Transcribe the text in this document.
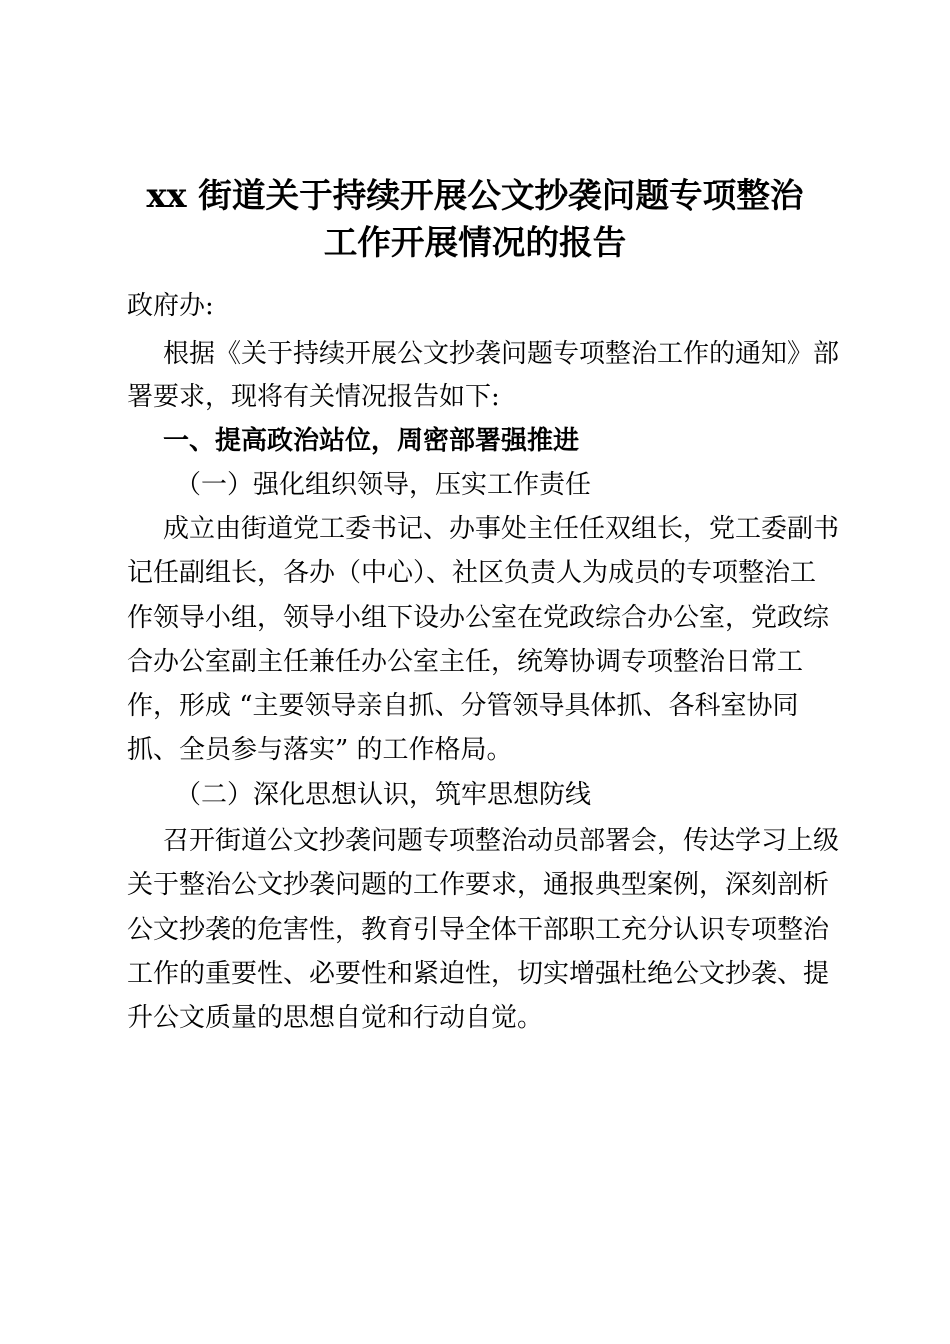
xx 街道关于持续开展公文抄袭问题专项整治
工作开展情况的报告
政府办:
根据《关于持续开展公文抄袭问题专项整治工作的通知》部
署要求，现将有关情况报告如下:
一、提高政治站位，周密部署强推进
（一）强化组织领导，压实工作责任
成立由街道党工委书记、办事处主任任双组长，党工委副书
记任副组长，各办（中心）、社区负责人为成员的专项整治工
作领导小组，领导小组下设办公室在党政综合办公室，党政综
合办公室副主任兼任办公室主任，统筹协调专项整治日常工
作，形成 “主要领导亲自抓、分管领导具体抓、各科室协同
抓、全员参与落实” 的工作格局。
（二）深化思想认识，筑牢思想防线
召开街道公文抄袭问题专项整治动员部署会，传达学习上级
关于整治公文抄袭问题的工作要求，通报典型案例，深刻剖析
公文抄袭的危害性，教育引导全体干部职工充分认识专项整治
工作的重要性、必要性和紧迫性，切实增强杜绝公文抄袭、提
升公文质量的思想自觉和行动自觉。
